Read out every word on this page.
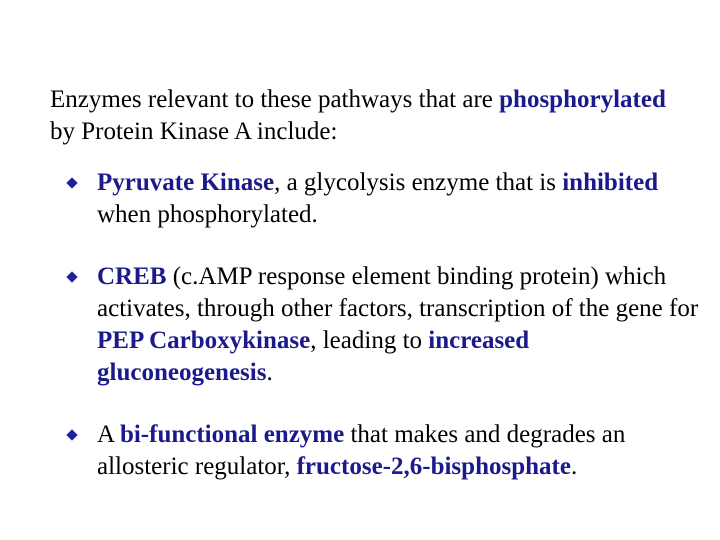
Enzymes relevant to these pathways that are phosphorylated by Protein Kinase A include:
Pyruvate Kinase, a glycolysis enzyme that is inhibited when phosphorylated.
CREB (c.AMP response element binding protein) which activates, through other factors, transcription of the gene for PEP Carboxykinase, leading to increased gluconeogenesis.
A bi-functional enzyme that makes and degrades an allosteric regulator, fructose-2,6-bisphosphate.
